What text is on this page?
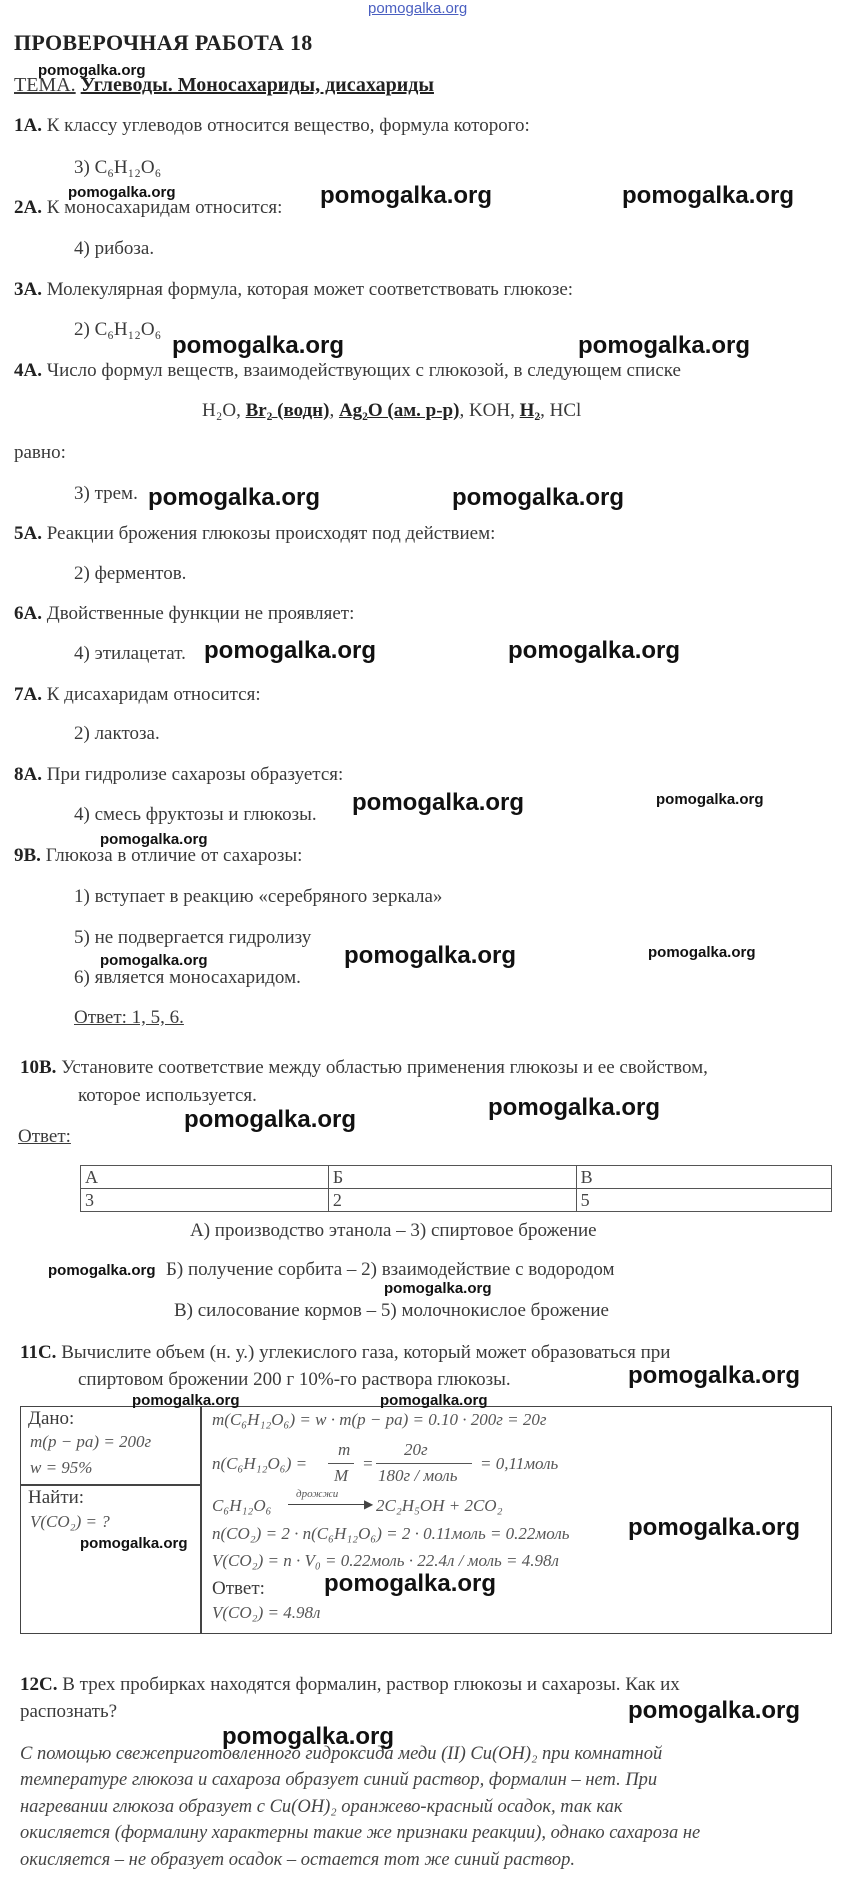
pomogalka.org
ПРОВЕРОЧНАЯ РАБОТА 18
ТЕМА. Углеводы. Моносахариды, дисахариды
1А. К классу углеводов относится вещество, формула которого:
3) C₆H₁₂O₆
2А. К моносахаридам относится:
4) рибоза.
3А. Молекулярная формула, которая может соответствовать глюкозе:
2) C₆H₁₂O₆
4А. Число формул веществ, взаимодействующих с глюкозой, в следующем списке
H₂O, Br₂ (водн), Ag₂O (ам. р-р), KOH, H₂, HCl
равно:
3) трем.
5А. Реакции брожения глюкозы происходят под действием:
2) ферментов.
6А. Двойственные функции не проявляет:
4) этилацетат.
7А. К дисахаридам относится:
2) лактоза.
8А. При гидролизе сахарозы образуется:
4) смесь фруктозы и глюкозы.
9В. Глюкоза в отличие от сахарозы:
1) вступает в реакцию «серебряного зеркала»
5) не подвергается гидролизу
6) является моносахаридом.
Ответ: 1, 5, 6.
10В. Установите соответствие между областью применения глюкозы и ее свойством,
которое используется.
Ответ:
А	Б	В
3	2	5
А) производство этанола – 3) спиртовое брожение
Б) получение сорбита – 2) взаимодействие с водородом
В) силосование кормов – 5) молочнокислое брожение
11С. Вычислите объем (н. у.) углекислого газа, который может образоваться при
спиртовом брожении 200 г 10%-го раствора глюкозы.
Дано:
m(p − pa) = 200г
w = 95%
Найти:
V(CO₂) = ?
m(C₆H₁₂O₆) = w · m(p − pa) = 0.10 · 200г = 20г
n(C₆H₁₂O₆) =
m
M
=
20г
180г / моль
= 0,11моль
C₆H₁₂O₆
дрожжи
▶ 2C₂H₅OH + 2CO₂
n(CO₂) = 2 · n(C₆H₁₂O₆) = 2 · 0.11моль = 0.22моль
V(CO₂) = n · V₀ = 0.22моль · 22.4л / моль = 4.98л
Ответ:
V(CO₂) = 4.98л
12С. В трех пробирках находятся формалин, раствор глюкозы и сахарозы. Как их
распознать?
С помощью свежеприготовленного гидроксида меди (II) Cu(OH)₂ при комнатной
температуре глюкоза и сахароза образует синий раствор, формалин – нет. При
нагревании глюкоза образует с Cu(OH)₂ оранжево-красный осадок, так как
окисляется (формалину характерны такие же признаки реакции), однако сахароза не
окисляется – не образует осадок – остается тот же синий раствор.
pomogalka.org
pomogalka.org	pomogalka.org	pomogalka.org
pomogalka.org	pomogalka.org
pomogalka.org	pomogalka.org
pomogalka.org	pomogalka.org
pomogalka.org	pomogalka.org
pomogalka.org
pomogalka.org	pomogalka.org	pomogalka.org
pomogalka.org
pomogalka.org
pomogalka.org
pomogalka.org
pomogalka.org
pomogalka.org	pomogalka.org
pomogalka.org
pomogalka.org
pomogalka.org
pomogalka.org
pomogalka.org
